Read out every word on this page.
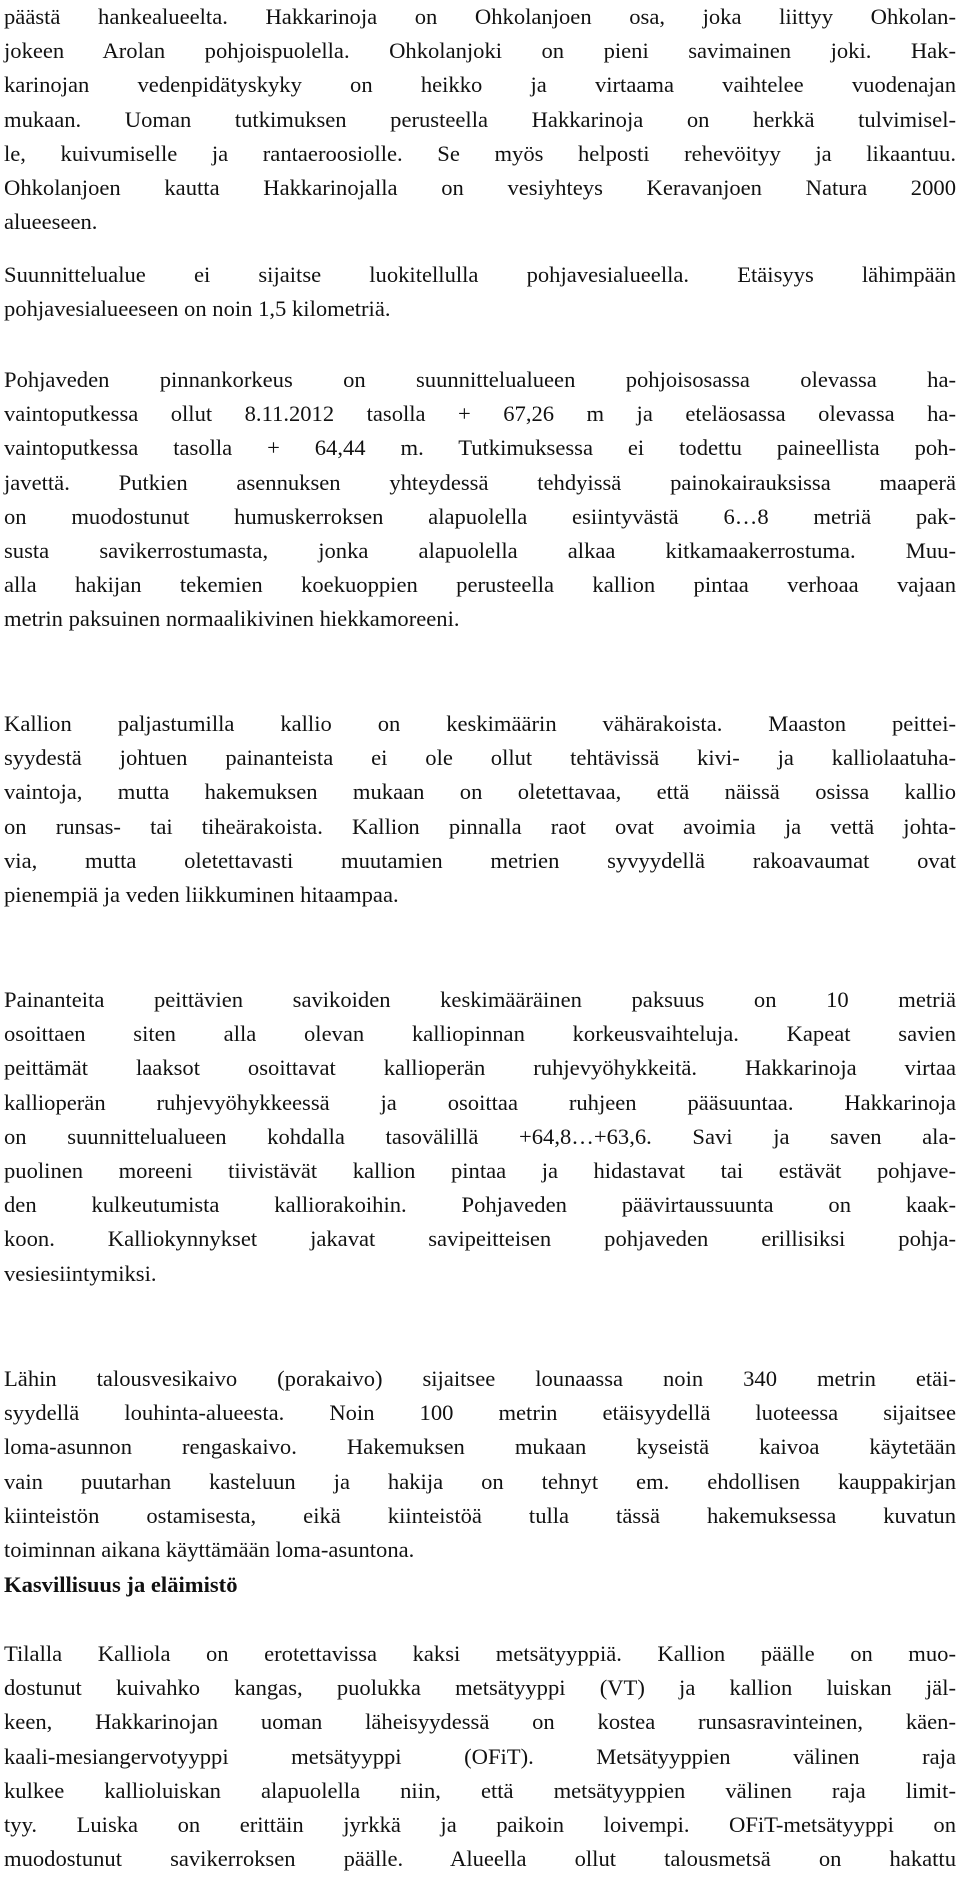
päästä hankealueelta. Hakkarinoja on Ohkolanjoen osa, joka liittyy Ohkolan-
jokeen Arolan pohjoispuolella. Ohkolanjoki on pieni savimainen joki. Hak-
karinojan vedenpidätyskyky on heikko ja virtaama vaihtelee vuodenajan
mukaan. Uoman tutkimuksen perusteella Hakkarinoja on herkkä tulvimisel-
le, kuivumiselle ja rantaeroosiolle. Se myös helposti rehevöityy ja likaantuu.
Ohkolanjoen kautta Hakkarinojalla on vesiyhteys Keravanjoen Natura 2000
alueeseen.
Suunnittelualue ei sijaitse luokitellulla pohjavesialueella. Etäisyys lähimpään
pohjavesialueeseen on noin 1,5 kilometriä.
Pohjaveden pinnankorkeus on suunnittelualueen pohjoisosassa olevassa ha-
vaintoputkessa ollut 8.11.2012 tasolla + 67,26 m ja eteläosassa olevassa ha-
vaintoputkessa tasolla + 64,44 m. Tutkimuksessa ei todettu paineellista poh-
javettä. Putkien asennuksen yhteydessä tehdyissä painokairauksissa maaperä
on muodostunut humuskerroksen alapuolella esiintyvästä 6…8 metriä pak-
susta savikerrostumasta, jonka alapuolella alkaa kitkamaakerrostuma. Muu-
alla hakijan tekemien koekuoppien perusteella kallion pintaa verhoaa vajaan
metrin paksuinen normaalikivinen hiekkamoreeni.
Kallion paljastumilla kallio on keskimäärin vähärakoista. Maaston peittei-
syydestä johtuen painanteista ei ole ollut tehtävissä kivi- ja kalliolaatuha-
vaintoja, mutta hakemuksen mukaan on oletettavaa, että näissä osissa kallio
on runsas- tai tiheärakoista. Kallion pinnalla raot ovat avoimia ja vettä johta-
via, mutta oletettavasti muutamien metrien syvyydellä rakoavaumat ovat
pienempiä ja veden liikkuminen hitaampaa.
Painanteita peittävien savikoiden keskimääräinen paksuus on 10 metriä
osoittaen siten alla olevan kalliopinnan korkeusvaihteluja. Kapeat savien
peittämät laaksot osoittavat kallioperän ruhjevyöhykkeitä. Hakkarinoja virtaa
kallioperän ruhjevyöhykkeessä ja osoittaa ruhjeen pääsuuntaa. Hakkarinoja
on suunnittelualueen kohdalla tasovälillä +64,8…+63,6. Savi ja saven ala-
puolinen moreeni tiivistävät kallion pintaa ja hidastavat tai estävät pohjave-
den kulkeutumista kalliorakoihin. Pohjaveden päävirtaussuunta on kaak-
koon. Kalliokynnykset jakavat savipeitteisen pohjaveden erillisiksi pohja-
vesiesiintymiksi.
Lähin talousvesikaivo (porakaivo) sijaitsee lounaassa noin 340 metrin etäi-
syydellä louhinta-alueesta. Noin 100 metrin etäisyydellä luoteessa sijaitsee
loma-asunnon rengaskaivo. Hakemuksen mukaan kyseistä kaivoa käytetään
vain puutarhan kasteluun ja hakija on tehnyt em. ehdollisen kauppakirjan
kiinteistön ostamisesta, eikä kiinteistöä tulla tässä hakemuksessa kuvatun
toiminnan aikana käyttämään loma-asuntona.
Kasvillisuus ja eläimistö
Tilalla Kalliola on erotettavissa kaksi metsätyyppiä. Kallion päälle on muo-
dostunut kuivahko kangas, puolukka metsätyyppi (VT) ja kallion luiskan jäl-
keen, Hakkarinojan uoman läheisyydessä on kostea runsasravinteinen, käen-
kaali-mesiangervotyyppi metsätyyppi (OFiT). Metsätyyppien välinen raja
kulkee kallioluiskan alapuolella niin, että metsätyyppien välinen raja limit-
tyy. Luiska on erittäin jyrkkä ja paikoin loivempi. OFiT-metsätyyppi on
muodostunut savikerroksen päälle. Alueella ollut talousmetsä on hakattu
